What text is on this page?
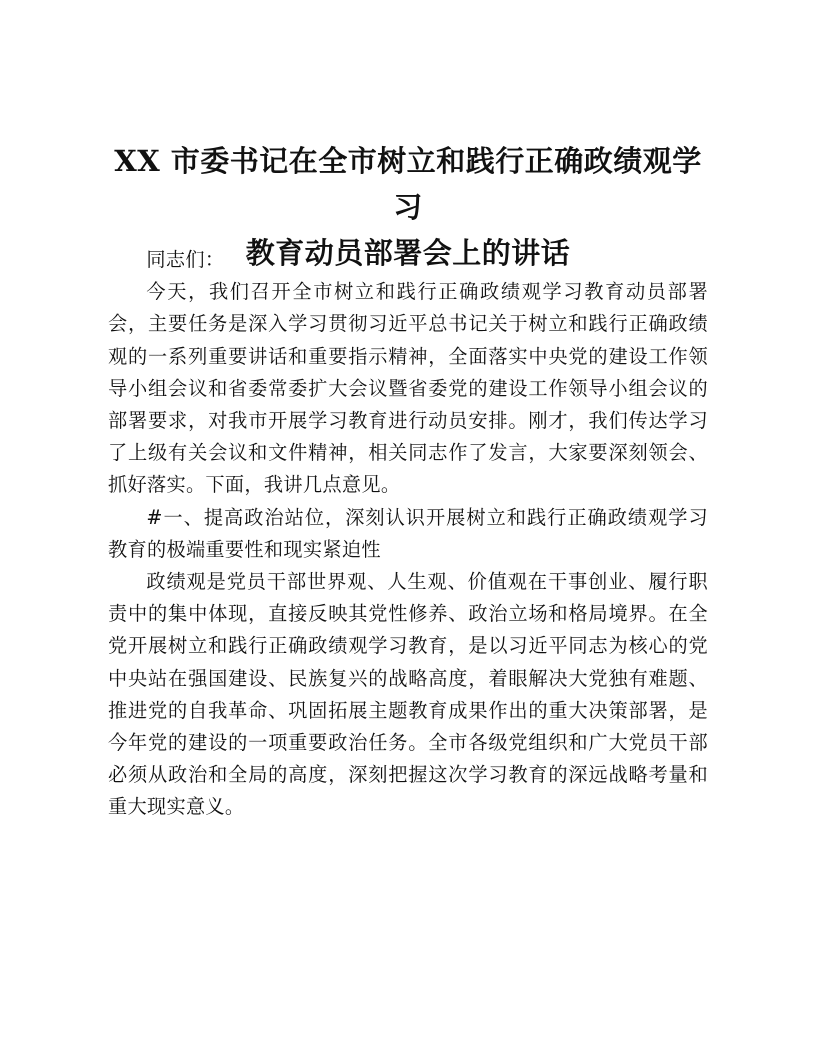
XX 市委书记在全市树立和践行正确政绩观学习
教育动员部署会上的讲话

同志们：

今天，我们召开全市树立和践行正确政绩观学习教育动员部署会，主要任务是深入学习贯彻习近平总书记关于树立和践行正确政绩观的一系列重要讲话和重要指示精神，全面落实中央党的建设工作领导小组会议和省委常委扩大会议暨省委党的建设工作领导小组会议的部署要求，对我市开展学习教育进行动员安排。刚才，我们传达学习了上级有关会议和文件精神，相关同志作了发言，大家要深刻领会、抓好落实。下面，我讲几点意见。

#一、提高政治站位，深刻认识开展树立和践行正确政绩观学习教育的极端重要性和现实紧迫性

政绩观是党员干部世界观、人生观、价值观在干事创业、履行职责中的集中体现，直接反映其党性修养、政治立场和格局境界。在全党开展树立和践行正确政绩观学习教育，是以习近平同志为核心的党中央站在强国建设、民族复兴的战略高度，着眼解决大党独有难题、推进党的自我革命、巩固拓展主题教育成果作出的重大决策部署，是今年党的建设的一项重要政治任务。全市各级党组织和广大党员干部必须从政治和全局的高度，深刻把握这次学习教育的深远战略考量和重大现实意义。
